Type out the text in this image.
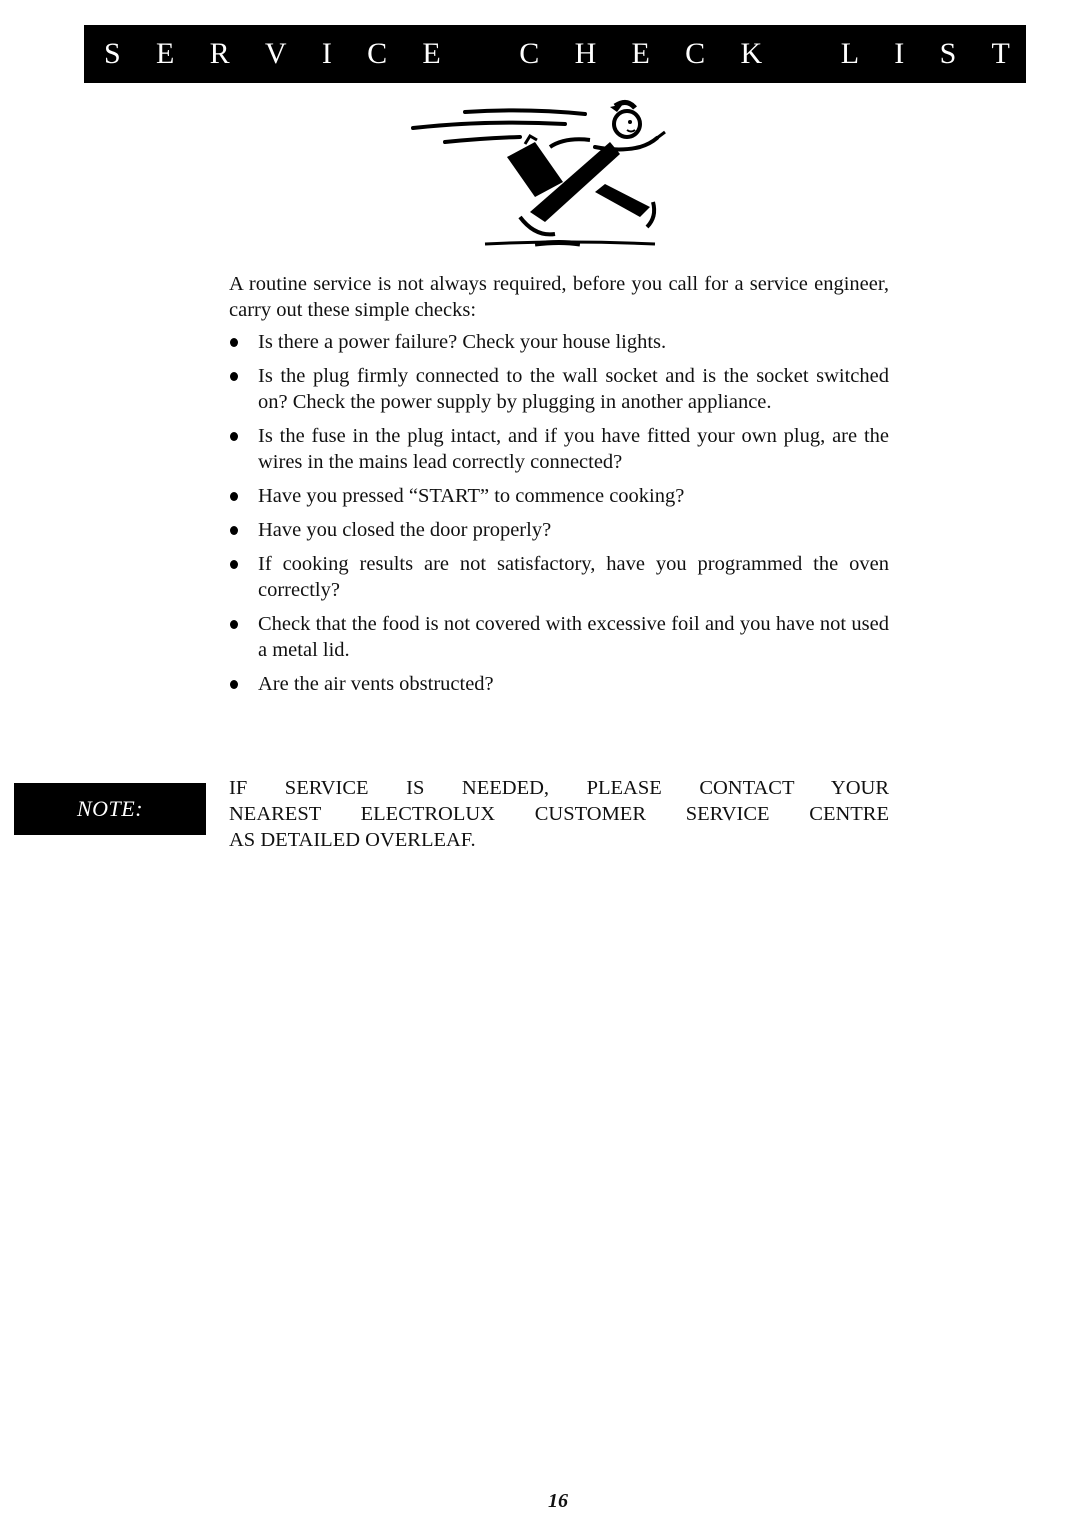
S E R V I C E	C H E C K	L I S T

A routine service is not always required, before you call for a service engineer, carry out these simple checks:

Is there a power failure? Check your house lights.
Is the plug firmly connected to the wall socket and is the socket switched on? Check the power supply by plugging in another appliance.
Is the fuse in the plug intact, and if you have fitted your own plug, are the wires in the mains lead correctly connected?
Have you pressed “START” to commence cooking?
Have you closed the door properly?
If cooking results are not satisfactory, have you programmed the oven correctly?
Check that the food is not covered with excessive foil and you have not used a metal lid.
Are the air vents obstructed?
NOTE:
IF SERVICE IS NEEDED, PLEASE CONTACT YOUR
NEAREST ELECTROLUX CUSTOMER SERVICE CENTRE
AS DETAILED OVERLEAF.
16
